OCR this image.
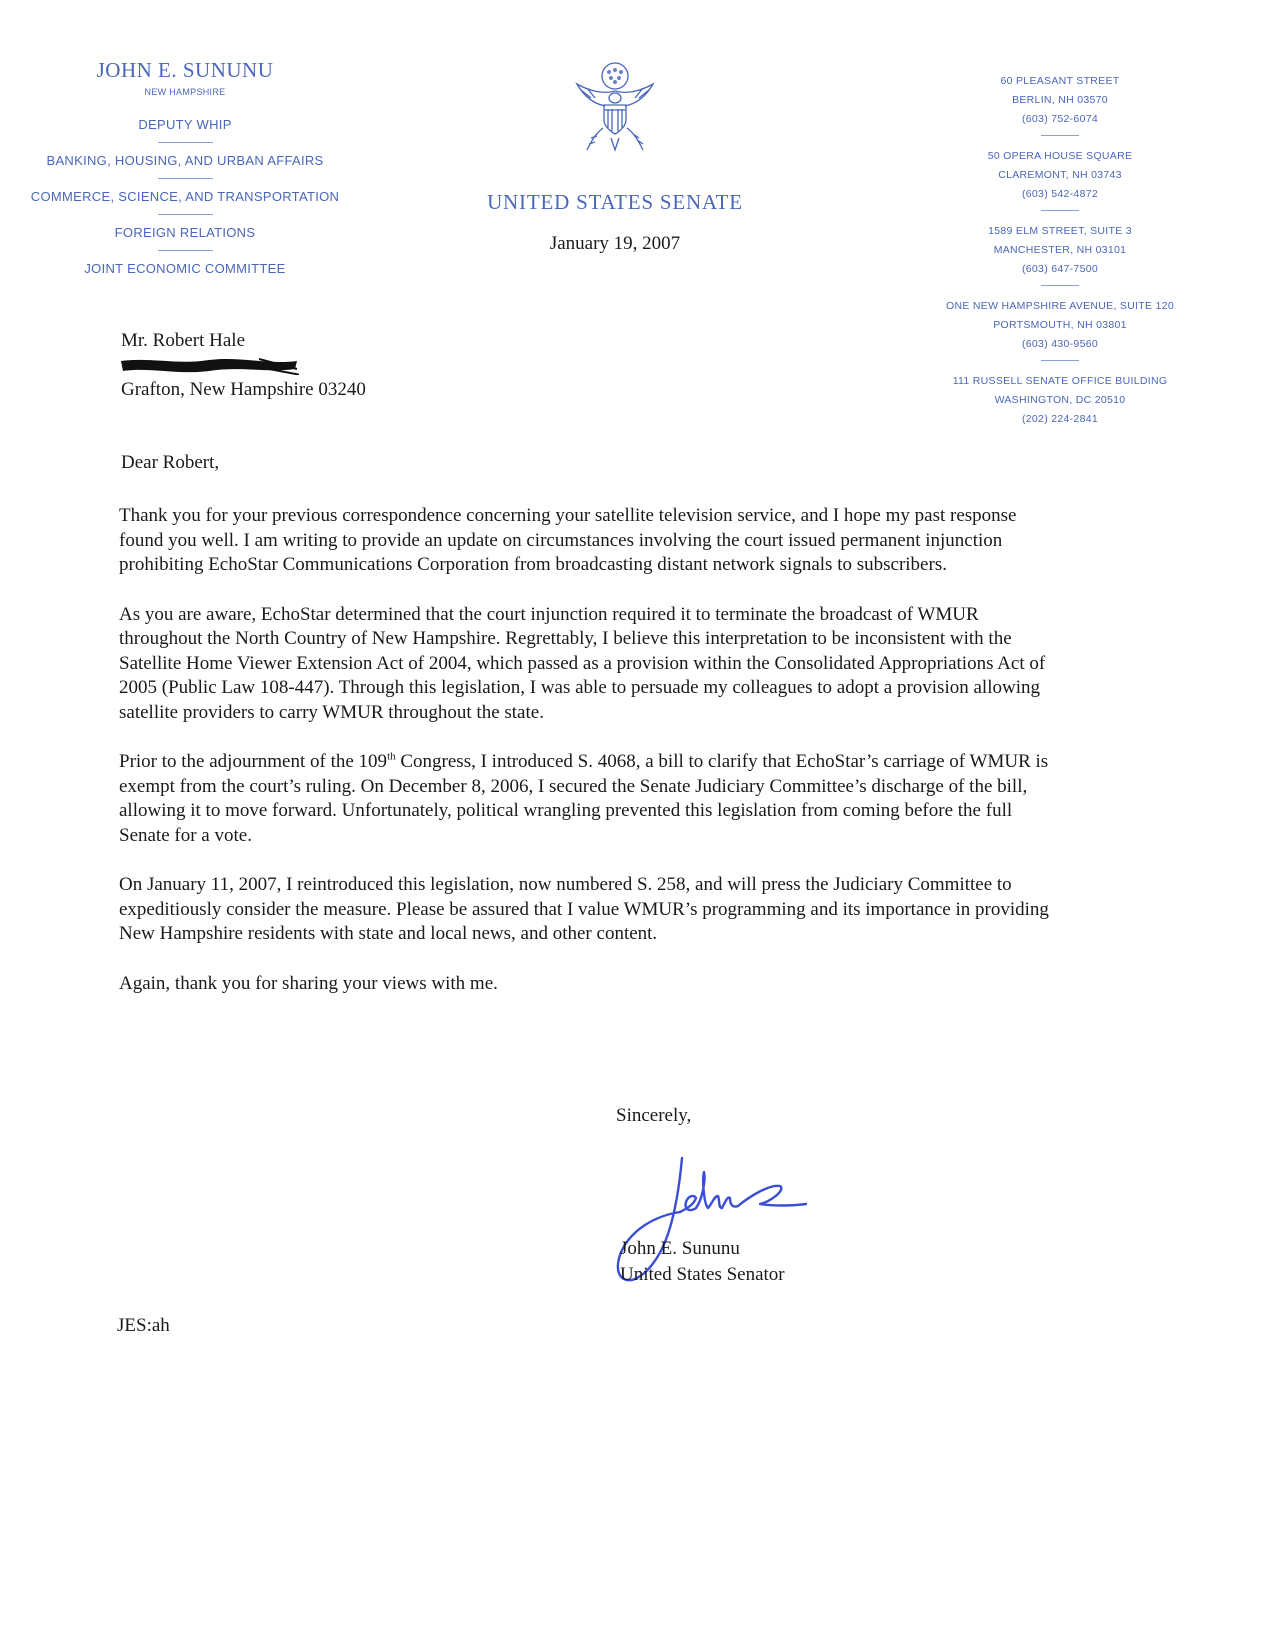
JOHN E. SUNUNU
NEW HAMPSHIRE
DEPUTY WHIP
BANKING, HOUSING, AND URBAN AFFAIRS
COMMERCE, SCIENCE, AND TRANSPORTATION
FOREIGN RELATIONS
JOINT ECONOMIC COMMITTEE
UNITED STATES SENATE
January 19, 2007
60 PLEASANT STREET
BERLIN, NH 03570
(603) 752-6074
50 OPERA HOUSE SQUARE
CLAREMONT, NH 03743
(603) 542-4872
1589 ELM STREET, SUITE 3
MANCHESTER, NH 03101
(603) 647-7500
ONE NEW HAMPSHIRE AVENUE, SUITE 120
PORTSMOUTH, NH 03801
(603) 430-9560
111 RUSSELL SENATE OFFICE BUILDING
WASHINGTON, DC 20510
(202) 224-2841
Mr. Robert Hale
Grafton, New Hampshire 03240
Dear Robert,

Thank you for your previous correspondence concerning your satellite television service, and I hope my past response found you well. I am writing to provide an update on circumstances involving the court issued permanent injunction prohibiting EchoStar Communications Corporation from broadcasting distant network signals to subscribers.

As you are aware, EchoStar determined that the court injunction required it to terminate the broadcast of WMUR throughout the North Country of New Hampshire. Regrettably, I believe this interpretation to be inconsistent with the Satellite Home Viewer Extension Act of 2004, which passed as a provision within the Consolidated Appropriations Act of 2005 (Public Law 108-447). Through this legislation, I was able to persuade my colleagues to adopt a provision allowing satellite providers to carry WMUR throughout the state.

Prior to the adjournment of the 109th Congress, I introduced S. 4068, a bill to clarify that EchoStar’s carriage of WMUR is exempt from the court’s ruling. On December 8, 2006, I secured the Senate Judiciary Committee’s discharge of the bill, allowing it to move forward. Unfortunately, political wrangling prevented this legislation from coming before the full Senate for a vote.

On January 11, 2007, I reintroduced this legislation, now numbered S. 258, and will press the Judiciary Committee to expeditiously consider the measure. Please be assured that I value WMUR’s programming and its importance in providing New Hampshire residents with state and local news, and other content.

Again, thank you for sharing your views with me.

Sincerely,
John E. Sununu
United States Senator
JES:ah
